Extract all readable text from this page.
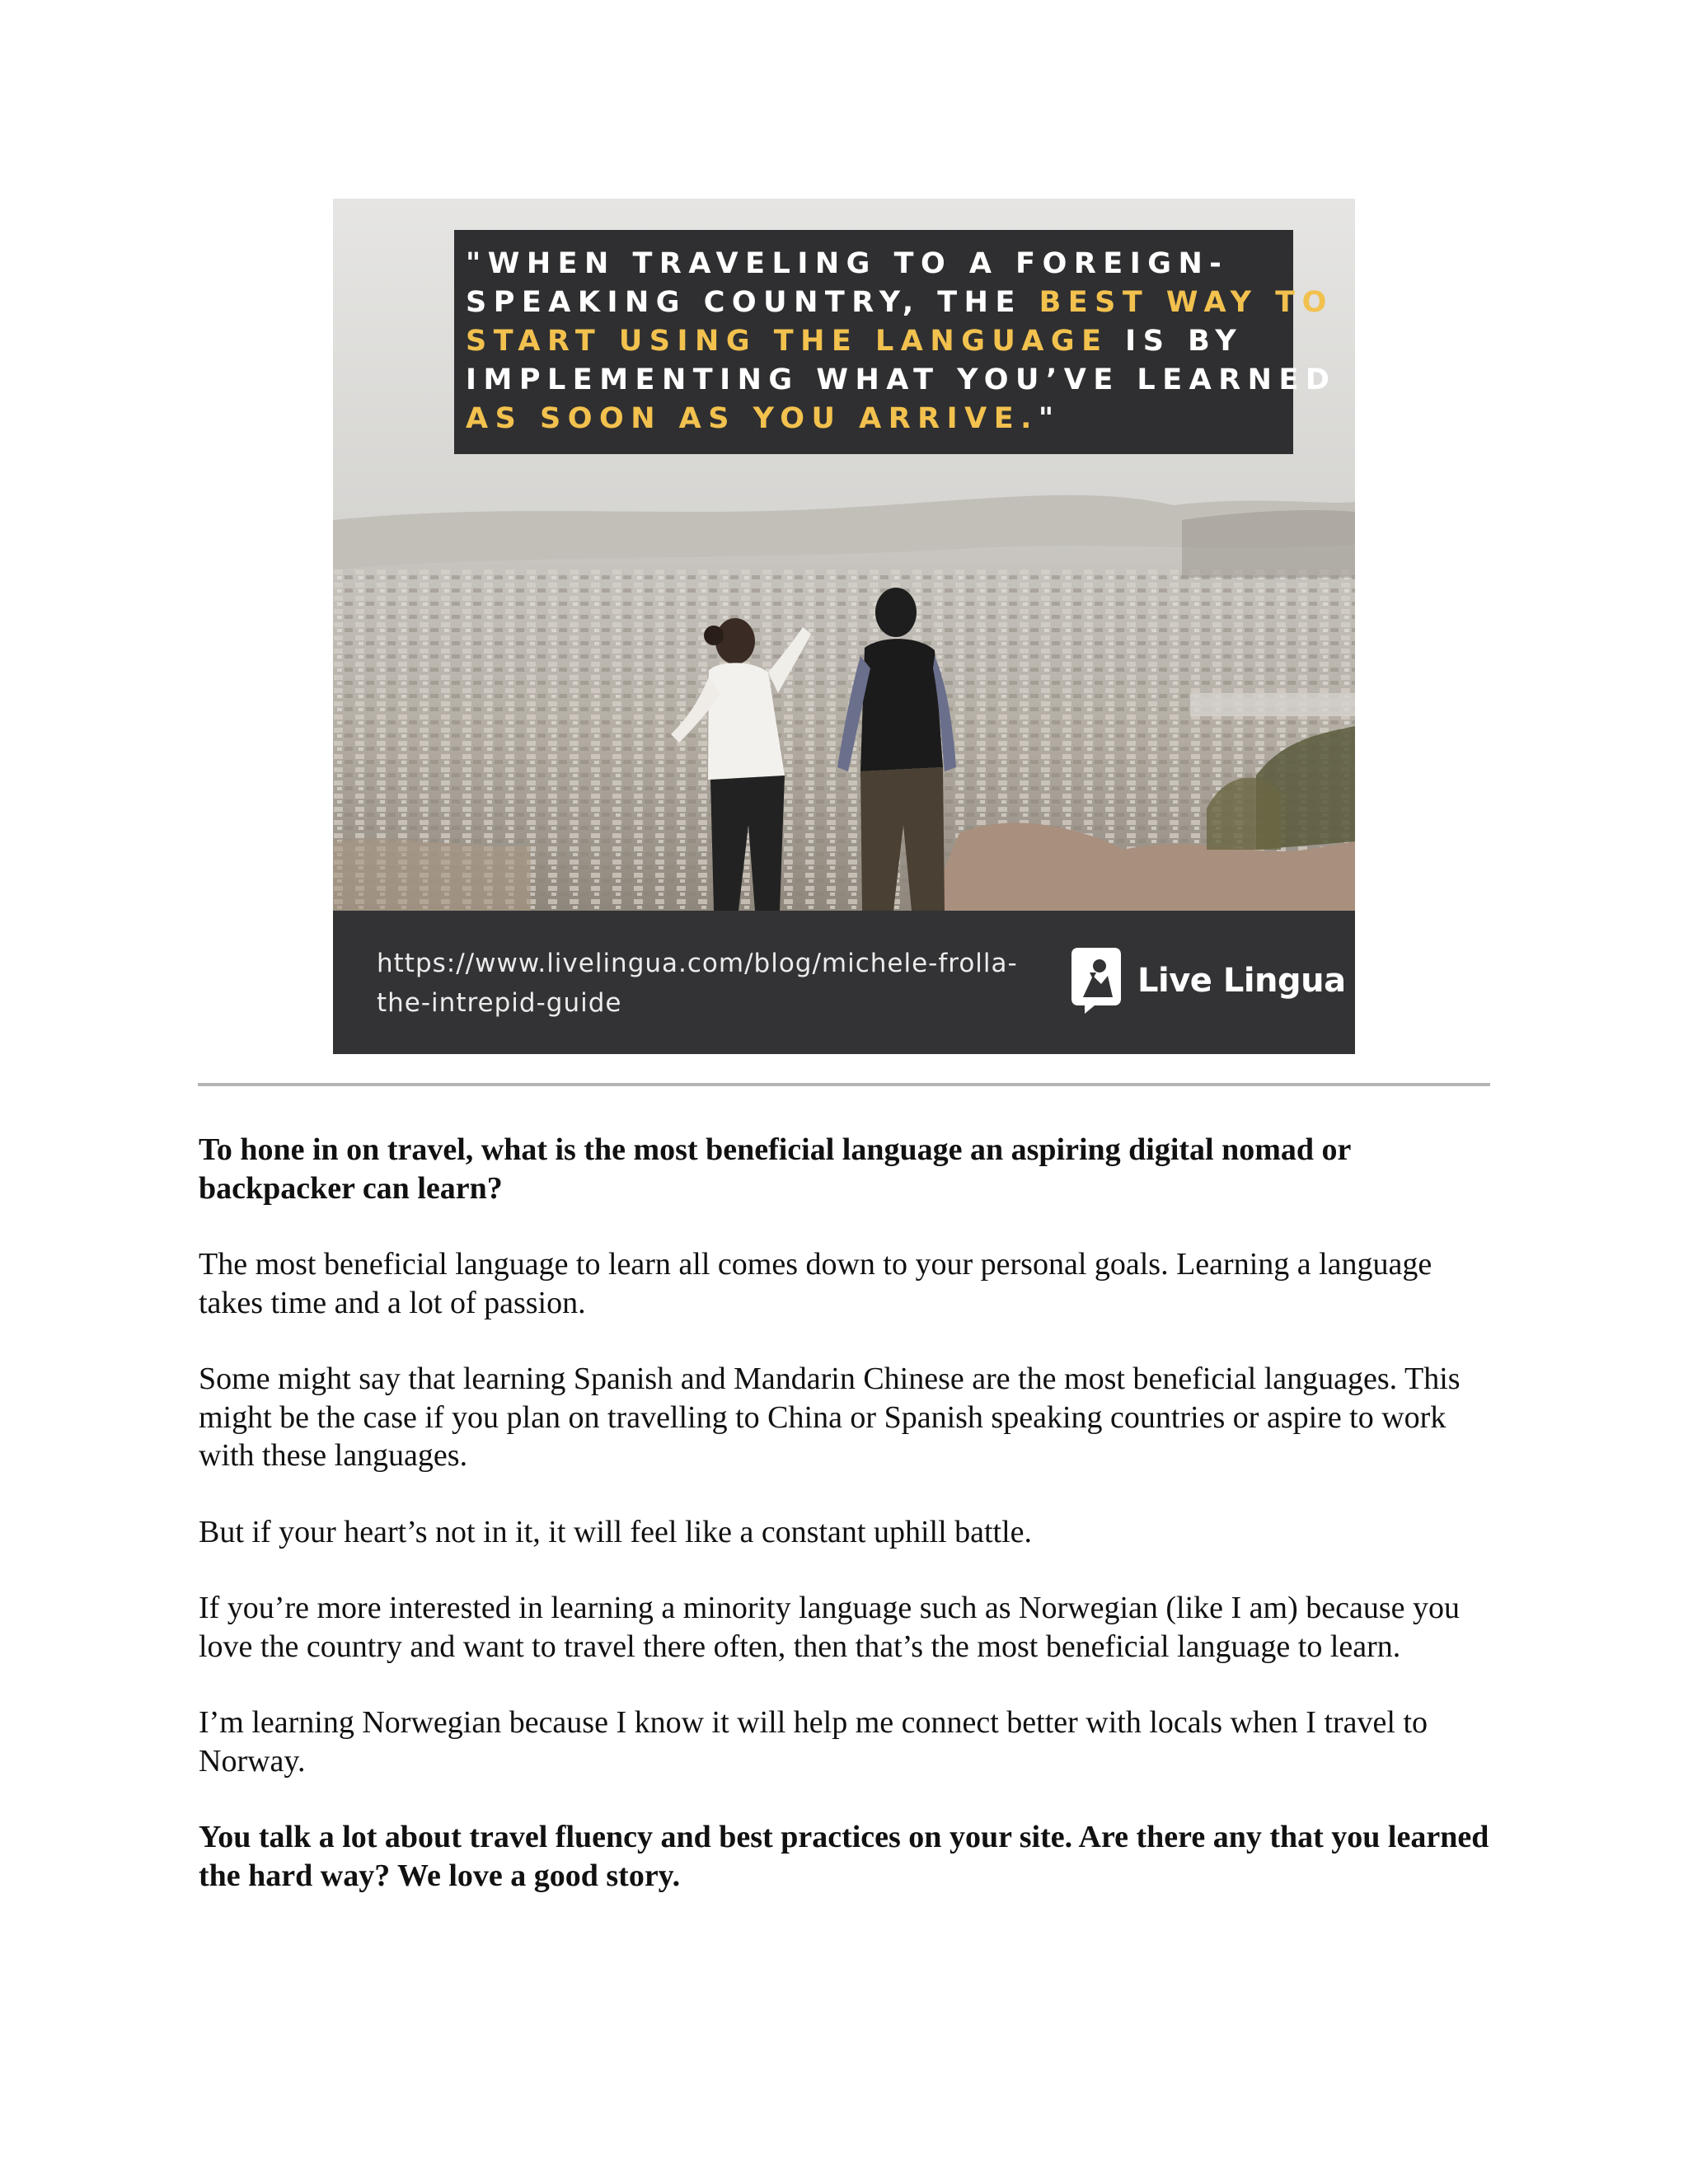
"WHEN TRAVELING TO A FOREIGN-
SPEAKING COUNTRY, THE BEST WAY TO
START USING THE LANGUAGE IS BY
IMPLEMENTING WHAT YOU’VE LEARNED
AS SOON AS YOU ARRIVE."
https://www.livelingua.com/blog/michele-frolla-
the-intrepid-guide
Live Lingua

To hone in on travel, what is the most beneficial language an aspiring digital nomad or backpacker can learn?

The most beneficial language to learn all comes down to your personal goals. Learning a language takes time and a lot of passion.

Some might say that learning Spanish and Mandarin Chinese are the most beneficial languages. This might be the case if you plan on travelling to China or Spanish speaking countries or aspire to work with these languages.

But if your heart’s not in it, it will feel like a constant uphill battle.

If you’re more interested in learning a minority language such as Norwegian (like I am) because you love the country and want to travel there often, then that’s the most beneficial language to learn.

I’m learning Norwegian because I know it will help me connect better with locals when I travel to Norway.

You talk a lot about travel fluency and best practices on your site. Are there any that you learned the hard way? We love a good story.
